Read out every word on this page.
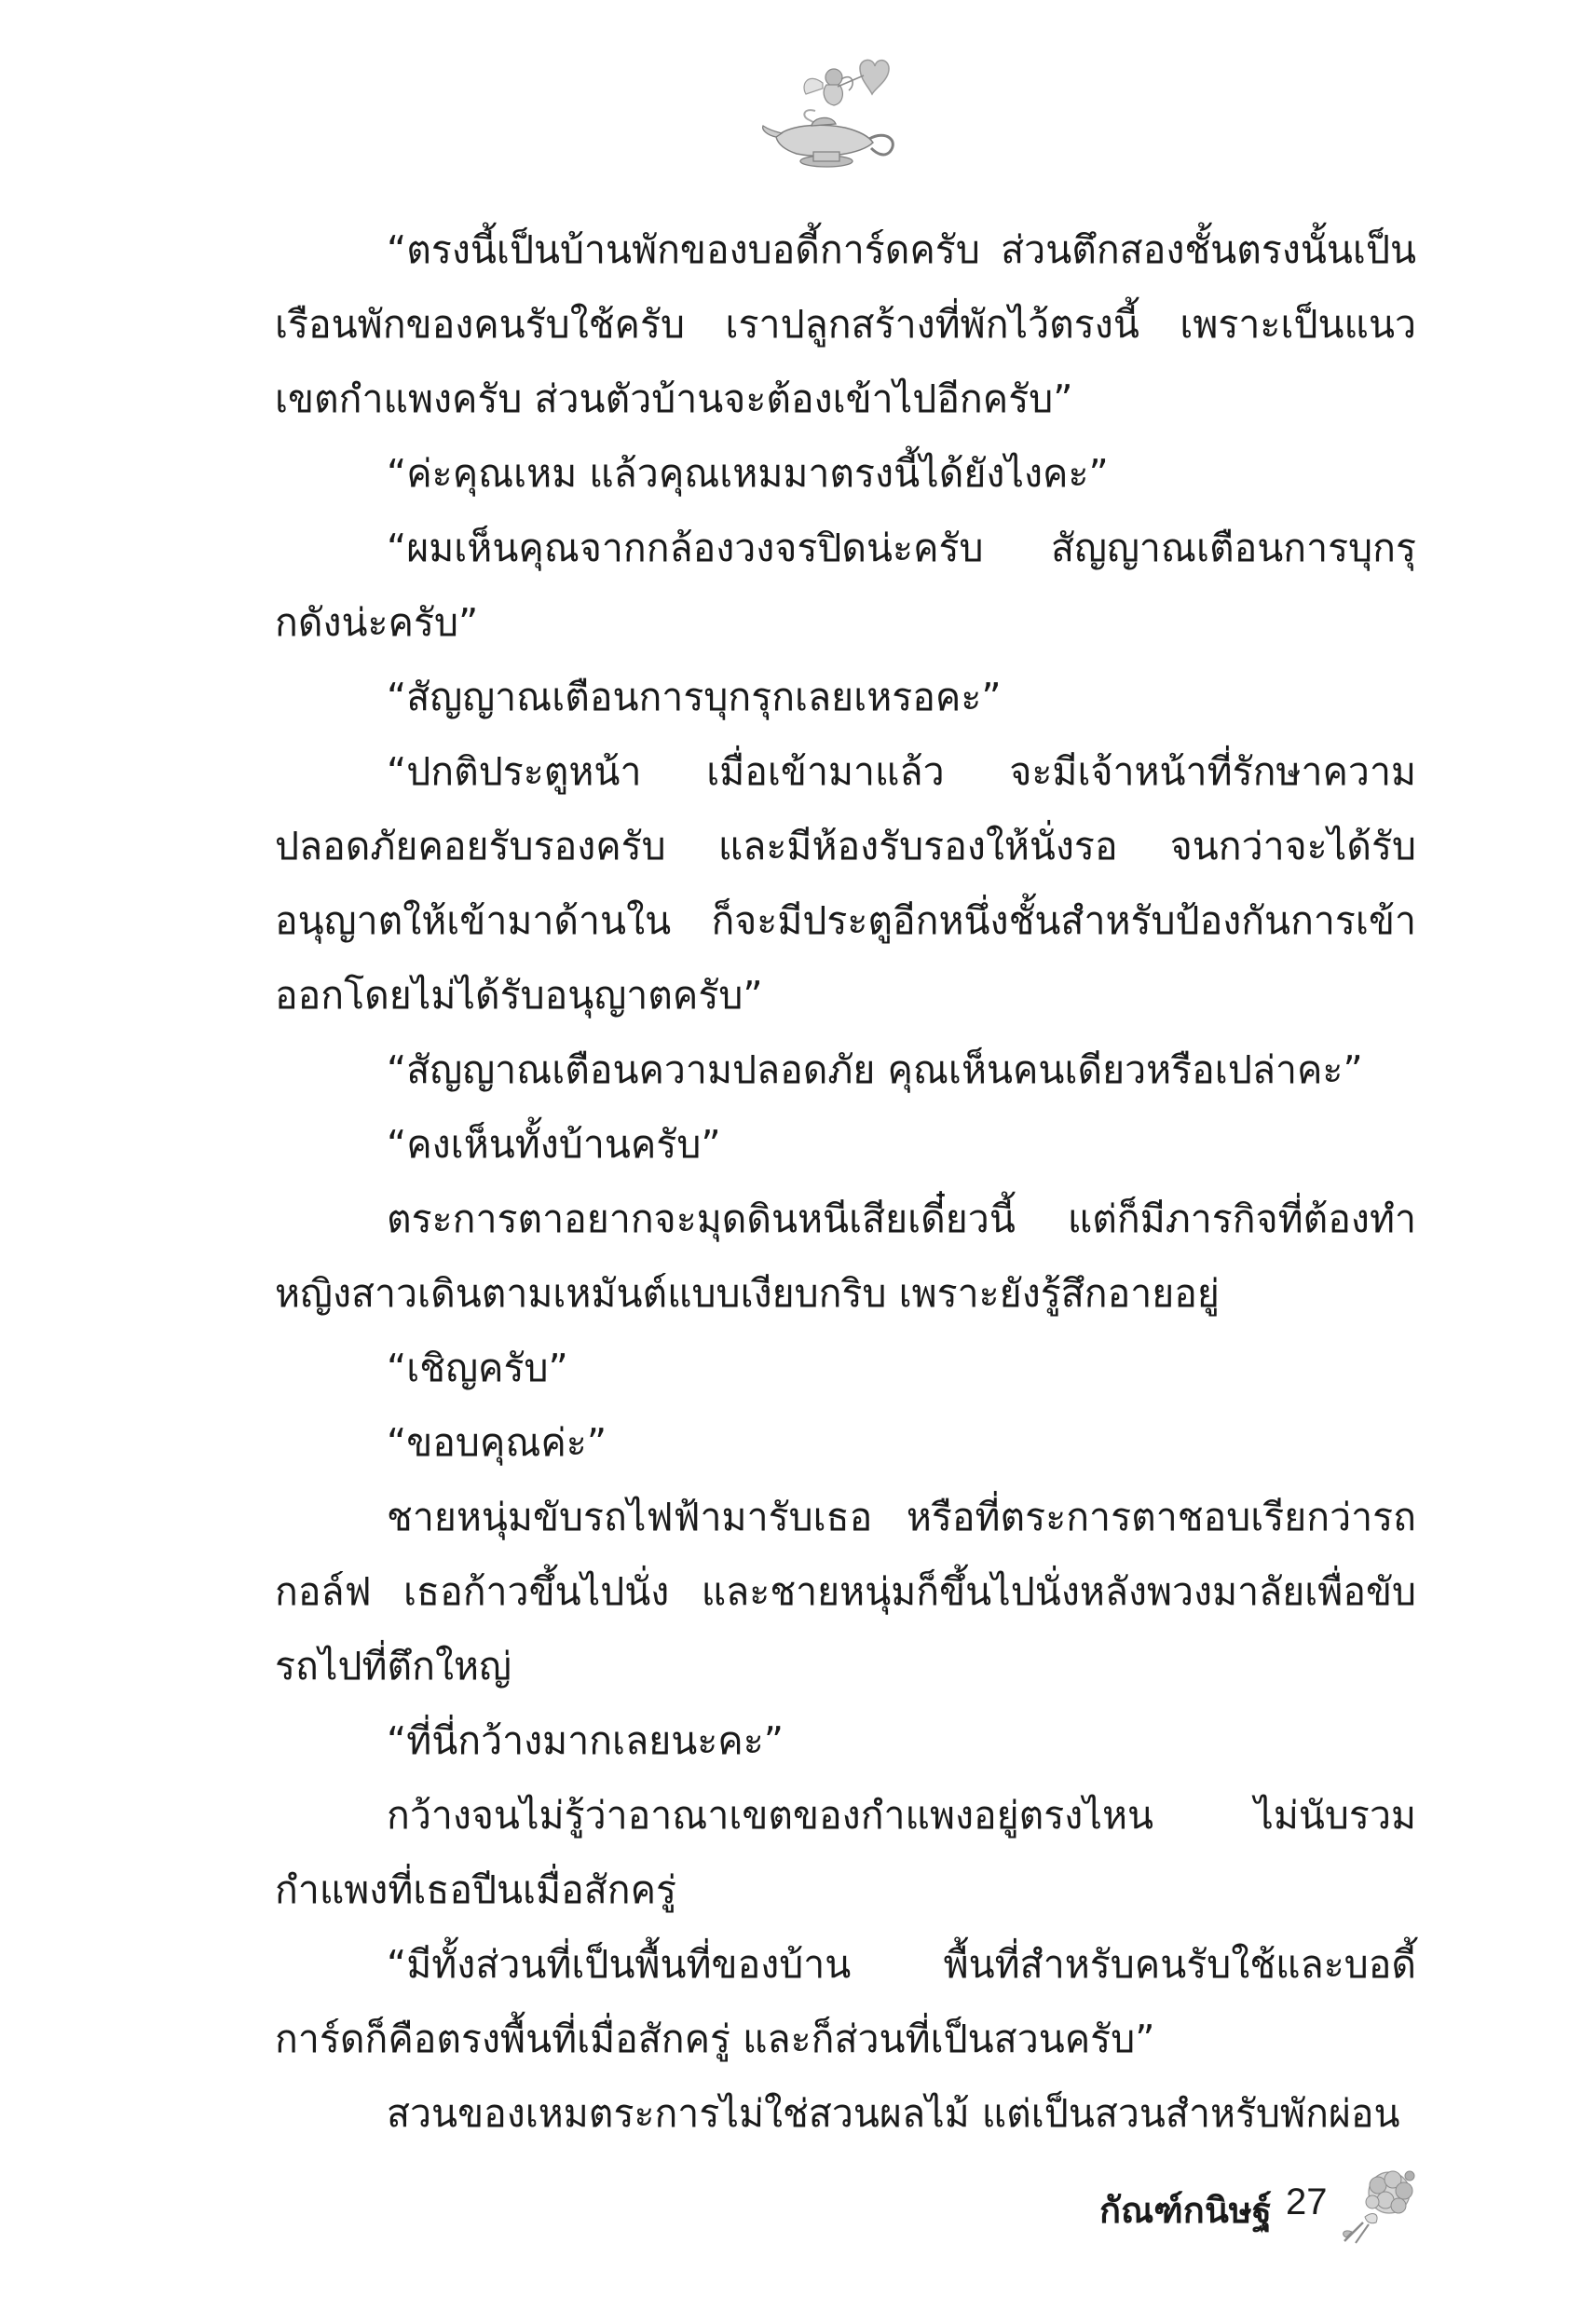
“ตรงนี้เป็นบ้านพักของบอดี้การ์ดครับ ส่วนตึกสองชั้นตรงนั้นเป็นเรือนพักของคนรับใช้ครับ เราปลูกสร้างที่พักไว้ตรงนี้ เพราะเป็นแนวเขตกำแพงครับ ส่วนตัวบ้านจะต้องเข้าไปอีกครับ”

“ค่ะคุณเหม แล้วคุณเหมมาตรงนี้ได้ยังไงคะ”

“ผมเห็นคุณจากกล้องวงจรปิดน่ะครับ สัญญาณเตือนการบุกรุกดังน่ะครับ”

“สัญญาณเตือนการบุกรุกเลยเหรอคะ”

“ปกติประตูหน้า เมื่อเข้ามาแล้ว จะมีเจ้าหน้าที่รักษาความปลอดภัยคอยรับรองครับ และมีห้องรับรองให้นั่งรอ จนกว่าจะได้รับอนุญาตให้เข้ามาด้านใน ก็จะมีประตูอีกหนึ่งชั้นสำหรับป้องกันการเข้าออกโดยไม่ได้รับอนุญาตครับ”

“สัญญาณเตือนความปลอดภัย คุณเห็นคนเดียวหรือเปล่าคะ”

“คงเห็นทั้งบ้านครับ”

ตระการตาอยากจะมุดดินหนีเสียเดี๋ยวนี้ แต่ก็มีภารกิจที่ต้องทำหญิงสาวเดินตามเหมันต์แบบเงียบกริบ เพราะยังรู้สึกอายอยู่

“เชิญครับ”

“ขอบคุณค่ะ”

ชายหนุ่มขับรถไฟฟ้ามารับเธอ หรือที่ตระการตาชอบเรียกว่ารถกอล์ฟ เธอก้าวขึ้นไปนั่ง และชายหนุ่มก็ขึ้นไปนั่งหลังพวงมาลัยเพื่อขับรถไปที่ตึกใหญ่

“ที่นี่กว้างมากเลยนะคะ”

กว้างจนไม่รู้ว่าอาณาเขตของกำแพงอยู่ตรงไหน ไม่นับรวมกำแพงที่เธอปีนเมื่อสักครู่

“มีทั้งส่วนที่เป็นพื้นที่ของบ้าน พื้นที่สำหรับคนรับใช้และบอดี้การ์ดก็คือตรงพื้นที่เมื่อสักครู่ และก็ส่วนที่เป็นสวนครับ”

สวนของเหมตระการไม่ใช่สวนผลไม้ แต่เป็นสวนสำหรับพักผ่อน

กัณฑ์กนิษฐ์ 27
